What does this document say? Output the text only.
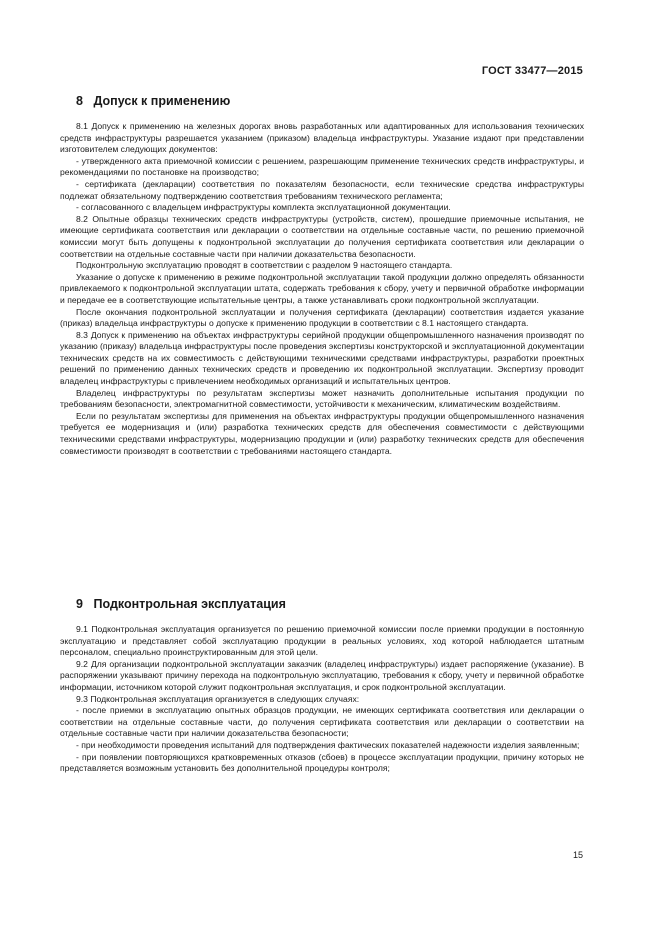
ГОСТ 33477—2015
8 Допуск к применению

8.1 Допуск к применению на железных дорогах вновь разработанных или адаптированных для использования технических средств инфраструктуры разрешается указанием (приказом) владельца инфраструктуры. Указание издают при представлении изготовителем следующих документов:

- утвержденного акта приемочной комиссии с решением, разрешающим применение технических средств инфраструктуры, и рекомендациями по постановке на производство;

- сертификата (декларации) соответствия по показателям безопасности, если технические средства инфраструктуры подлежат обязательному подтверждению соответствия требованиям технического регламента;

- согласованного с владельцем инфраструктуры комплекта эксплуатационной документации.

8.2 Опытные образцы технических средств инфраструктуры (устройств, систем), прошедшие приемочные испытания, не имеющие сертификата соответствия или декларации о соответствии на отдельные составные части, по решению приемочной комиссии могут быть допущены к подконтрольной эксплуатации до получения сертификата соответствия или декларации о соответствии на отдельные составные части при наличии доказательства безопасности.

Подконтрольную эксплуатацию проводят в соответствии с разделом 9 настоящего стандарта.

Указание о допуске к применению в режиме подконтрольной эксплуатации такой продукции должно определять обязанности привлекаемого к подконтрольной эксплуатации штата, содержать требования к сбору, учету и первичной обработке информации и передаче ее в соответствующие испытательные центры, а также устанавливать сроки подконтрольной эксплуатации.

После окончания подконтрольной эксплуатации и получения сертификата (декларации) соответствия издается указание (приказ) владельца инфраструктуры о допуске к применению продукции в соответствии с 8.1 настоящего стандарта.

8.3 Допуск к применению на объектах инфраструктуры серийной продукции общепромышленного назначения производят по указанию (приказу) владельца инфраструктуры после проведения экспертизы конструкторской и эксплуатационной документации технических средств на их совместимость с действующими техническими средствами инфраструктуры, разработки проектных решений по применению данных технических средств и проведению их подконтрольной эксплуатации. Экспертизу проводит владелец инфраструктуры с привлечением необходимых организаций и испытательных центров.

Владелец инфраструктуры по результатам экспертизы может назначить дополнительные испытания продукции по требованиям безопасности, электромагнитной совместимости, устойчивости к механическим, климатическим воздействиям.

Если по результатам экспертизы для применения на объектах инфраструктуры продукции общепромышленного назначения требуется ее модернизация и (или) разработка технических средств для обеспечения совместимости с действующими техническими средствами инфраструктуры, модернизацию продукции и (или) разработку технических средств для обеспечения совместимости производят в соответствии с требованиями настоящего стандарта.

9 Подконтрольная эксплуатация

9.1 Подконтрольная эксплуатация организуется по решению приемочной комиссии после приемки продукции в постоянную эксплуатацию и представляет собой эксплуатацию продукции в реальных условиях, ход которой наблюдается штатным персоналом, специально проинструктированным для этой цели.

9.2 Для организации подконтрольной эксплуатации заказчик (владелец инфраструктуры) издает распоряжение (указание). В распоряжении указывают причину перехода на подконтрольную эксплуатацию, требования к сбору, учету и первичной обработке информации, источником которой служит подконтрольная эксплуатация, и срок подконтрольной эксплуатации.

9.3 Подконтрольная эксплуатация организуется в следующих случаях:

- после приемки в эксплуатацию опытных образцов продукции, не имеющих сертификата соответствия или декларации о соответствии на отдельные составные части, до получения сертификата соответствия или декларации о соответствии на отдельные составные части при наличии доказательства безопасности;

- при необходимости проведения испытаний для подтверждения фактических показателей надежности изделия заявленным;

- при появлении повторяющихся кратковременных отказов (сбоев) в процессе эксплуатации продукции, причину которых не представляется возможным установить без дополнительной процедуры контроля;

15
